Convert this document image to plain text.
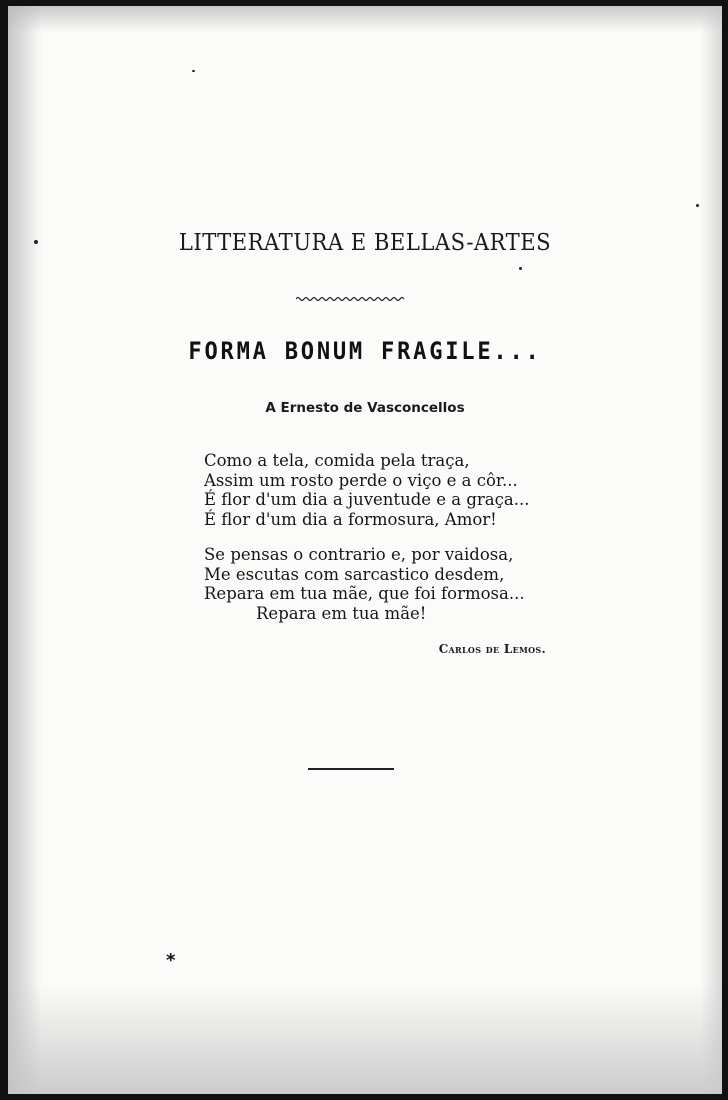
LITTERATURA E BELLAS-ARTES
FORMA BONUM FRAGILE...
A Ernesto de Vasconcellos
Como a tela, comida pela traça,
Assim um rosto perde o viço e a côr...
É flor d'um dia a juventude e a graça...
É flor d'um dia a formosura, Amor!
Se pensas o contrario e, por vaidosa,
Me escutas com sarcastico desdem,
Repara em tua mãe, que foi formosa...
Repara em tua mãe!
Carlos de Lemos.
*
